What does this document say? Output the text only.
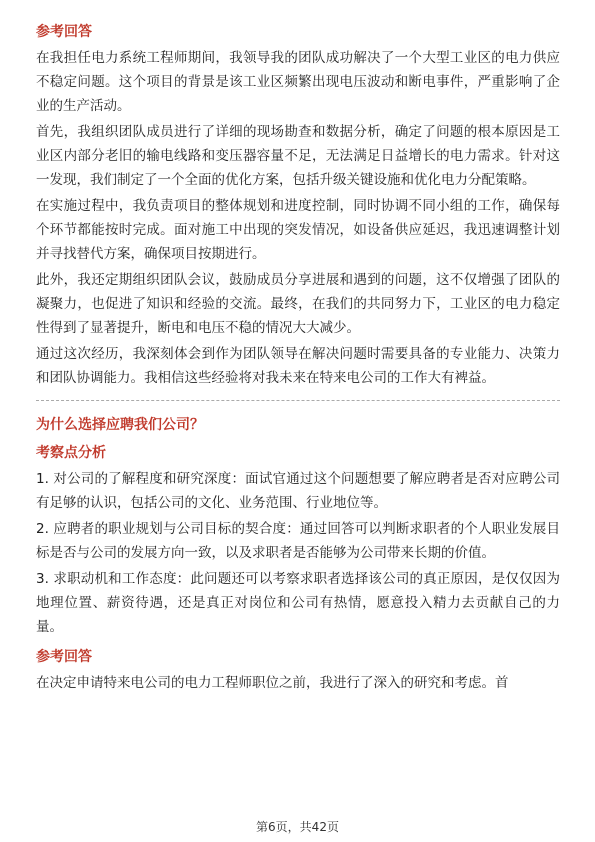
参考回答

在我担任电力系统工程师期间，我领导我的团队成功解决了一个大型工业区的电力供应不稳定问题。这个项目的背景是该工业区频繁出现电压波动和断电事件，严重影响了企业的生产活动。

首先，我组织团队成员进行了详细的现场勘查和数据分析，确定了问题的根本原因是工业区内部分老旧的输电线路和变压器容量不足，无法满足日益增长的电力需求。针对这一发现，我们制定了一个全面的优化方案，包括升级关键设施和优化电力分配策略。

在实施过程中，我负责项目的整体规划和进度控制，同时协调不同小组的工作，确保每个环节都能按时完成。面对施工中出现的突发情况，如设备供应延迟，我迅速调整计划并寻找替代方案，确保项目按期进行。

此外，我还定期组织团队会议，鼓励成员分享进展和遇到的问题，这不仅增强了团队的凝聚力，也促进了知识和经验的交流。最终，在我们的共同努力下，工业区的电力稳定性得到了显著提升，断电和电压不稳的情况大大减少。

通过这次经历，我深刻体会到作为团队领导在解决问题时需要具备的专业能力、决策力和团队协调能力。我相信这些经验将对我未来在特来电公司的工作大有裨益。

为什么选择应聘我们公司？
考察点分析

1. 对公司的了解程度和研究深度：面试官通过这个问题想要了解应聘者是否对应聘公司有足够的认识，包括公司的文化、业务范围、行业地位等。

2. 应聘者的职业规划与公司目标的契合度：通过回答可以判断求职者的个人职业发展目标是否与公司的发展方向一致，以及求职者是否能够为公司带来长期的价值。

3. 求职动机和工作态度：此问题还可以考察求职者选择该公司的真正原因，是仅仅因为地理位置、薪资待遇，还是真正对岗位和公司有热情，愿意投入精力去贡献自己的力量。

参考回答

在决定申请特来电公司的电力工程师职位之前，我进行了深入的研究和考虑。首

第6页，共42页
